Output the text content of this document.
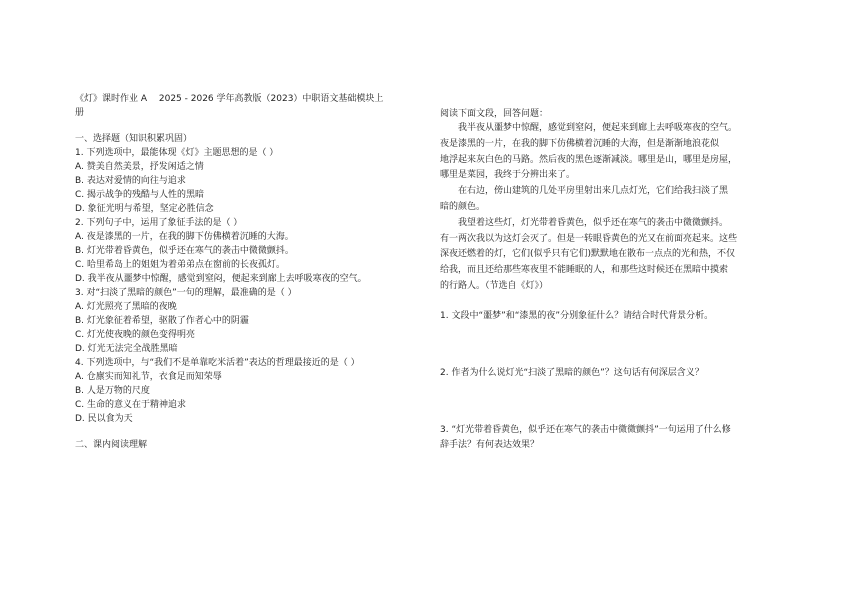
《灯》课时作业 A　 2025 - 2026 学年高教版（2023）中职语文基础模块上

册

一、选择题（知识积累巩固）

1. 下列选项中，最能体现《灯》主题思想的是（ ）

A. 赞美自然美景，抒发闲适之情

B. 表达对爱情的向往与追求

C. 揭示战争的残酷与人性的黑暗

D. 象征光明与希望，坚定必胜信念

2. 下列句子中，运用了象征手法的是（ ）

A. 夜是漆黑的一片，在我的脚下仿佛横着沉睡的大海。

B. 灯光带着昏黄色，似乎还在寒气的袭击中微微颤抖。

C. 哈里希岛上的姐姐为着弟弟点在窗前的长夜孤灯。

D. 我半夜从噩梦中惊醒，感觉到窒闷，便起来到廊上去呼吸寒夜的空气。

3. 对“扫淡了黑暗的颜色”一句的理解，最准确的是（ ）

A. 灯光照亮了黑暗的夜晚

B. 灯光象征着希望，驱散了作者心中的阴霾

C. 灯光使夜晚的颜色变得明亮

D. 灯光无法完全战胜黑暗

4. 下列选项中，与“我们不是单靠吃米活着”表达的哲理最接近的是（ ）

A. 仓廪实而知礼节，衣食足而知荣辱

B. 人是万物的尺度

C. 生命的意义在于精神追求

D. 民以食为天

二、课内阅读理解

阅读下面文段，回答问题：

我半夜从噩梦中惊醒，感觉到窒闷，便起来到廊上去呼吸寒夜的空气。

夜是漆黑的一片，在我的脚下仿佛横着沉睡的大海，但是渐渐地浪花似

地浮起来灰白色的马路。然后夜的黑色逐渐减淡。哪里是山，哪里是房屋，

哪里是菜园，我终于分辨出来了。

在右边，傍山建筑的几处平房里射出来几点灯光，它们给我扫淡了黑

暗的颜色。

我望着这些灯，灯光带着昏黄色，似乎还在寒气的袭击中微微颤抖。

有一两次我以为这灯会灭了。但是一转眼昏黄色的光又在前面亮起来。这些

深夜还燃着的灯，它们(似乎只有它们)默默地在散布一点点的光和热，不仅

给我，而且还给那些寒夜里不能睡眠的人，和那些这时候还在黑暗中摸索

的行路人。（节选自《灯》）

1. 文段中“噩梦”和“漆黑的夜”分别象征什么？请结合时代背景分析。

2. 作者为什么说灯光“扫淡了黑暗的颜色”？这句话有何深层含义？

3. “灯光带着昏黄色，似乎还在寒气的袭击中微微颤抖”一句运用了什么修

辞手法？有何表达效果？
